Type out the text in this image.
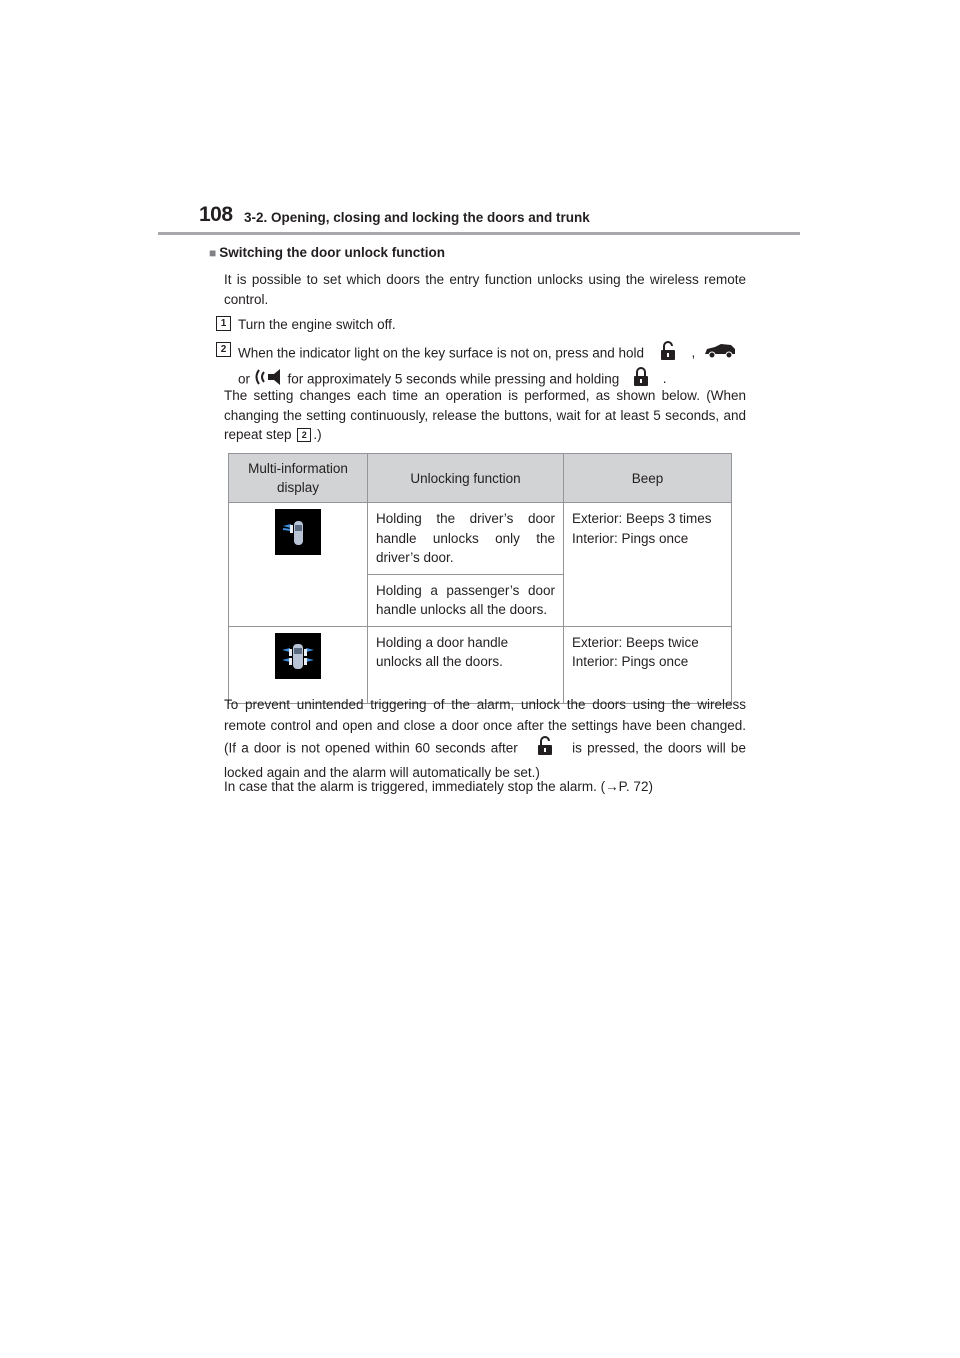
108 3-2. Opening, closing and locking the doors and trunk
■ Switching the door unlock function
It is possible to set which doors the entry function unlocks using the wireless remote control.
1 Turn the engine switch off.
2 When the indicator light on the key surface is not on, press and hold	,
or	for approximately 5 seconds while pressing and holding	.
The setting changes each time an operation is performed, as shown below. (When changing the setting continuously, release the buttons, wait for at least 5 seconds, and repeat step 2 .)
Multi-information display	Unlocking function	Beep
	Holding the driver’s door handle unlocks only the driver’s door.	Exterior: Beeps 3 times
Interior: Pings once

	Holding a passenger’s door handle unlocks all the doors.	
	Holding a door handle unlocks all the doors.	Exterior: Beeps twice
Interior: Pings once
To prevent unintended triggering of the alarm, unlock the doors using the wireless remote control and open and close a door once after the settings have been changed. (If a door is not opened within 60 seconds after	is pressed, the doors will be locked again and the alarm will automatically be set.)
In case that the alarm is triggered, immediately stop the alarm. (→P. 72)
